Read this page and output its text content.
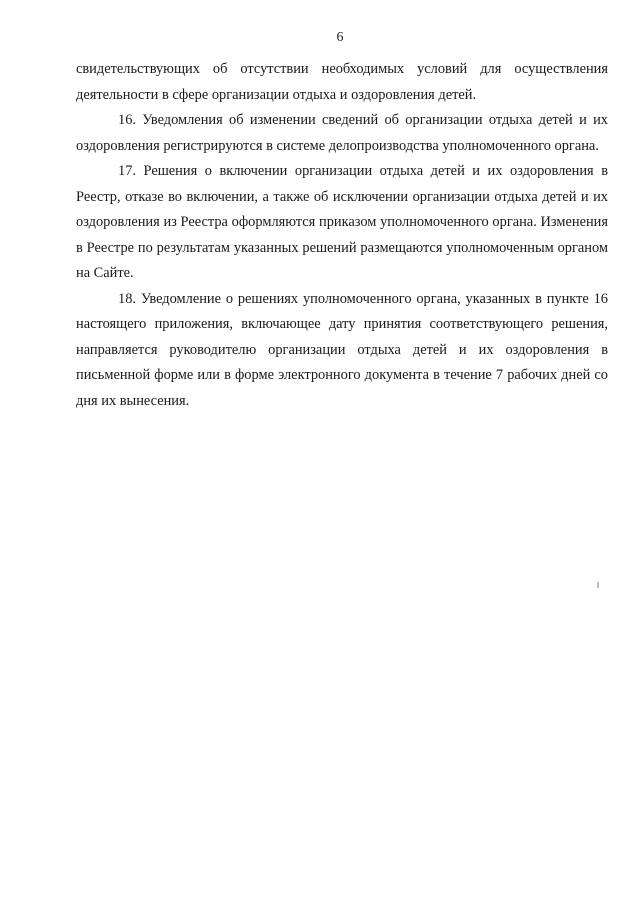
6

свидетельствующих об отсутствии необходимых условий для осуществления деятельности в сфере организации отдыха и оздоровления детей.

16. Уведомления об изменении сведений об организации отдыха детей и их оздоровления регистрируются в системе делопроизводства уполномоченного органа.

17. Решения о включении организации отдыха детей и их оздоровления в Реестр, отказе во включении, а также об исключении организации отдыха детей и их оздоровления из Реестра оформляются приказом уполномоченного органа. Изменения в Реестре по результатам указанных решений размещаются уполномоченным органом на Сайте.

18. Уведомление о решениях уполномоченного органа, указанных в пункте 16 настоящего приложения, включающее дату принятия соответствующего решения, направляется руководителю организации отдыха детей и их оздоровления в письменной форме или в форме электронного документа в течение 7 рабочих дней со дня их вынесения.
